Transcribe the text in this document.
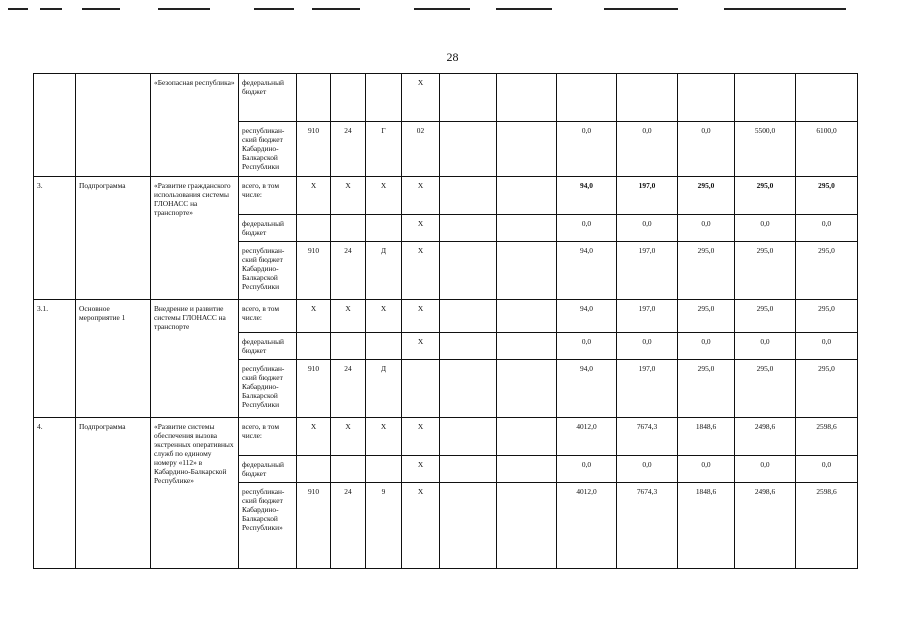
28
		«Безопасная республика»	федеральный бюджет				Х							
			республикан-ский бюджет Кабардино-Балкарской Республики	910	24	Г	02			0,0	0,0	0,0	5500,0	6100,0
3.	Подпрограмма	«Развитие гражданского использования системы ГЛОНАСС на транспорте»	всего, в том числе:	Х	Х	Х	Х			94,0	197,0	295,0	295,0	295,0
			федеральный бюджет				Х			0,0	0,0	0,0	0,0	0,0
			республикан-ский бюджет Кабардино-Балкарской Республики	910	24	Д	Х			94,0	197,0	295,0	295,0	295,0
3.1.	Основное мероприятие 1	Внедрение и развитие системы ГЛОНАСС на транспорте	всего, в том числе:	Х	Х	Х	Х			94,0	197,0	295,0	295,0	295,0
			федеральный бюджет				Х			0,0	0,0	0,0	0,0	0,0
			республикан-ский бюджет Кабардино-Балкарской Республики	910	24	Д				94,0	197,0	295,0	295,0	295,0
4.	Подпрограмма	«Развитие системы обеспечения вызова экстренных оперативных служб по единому номеру «112» в Кабардино-Балкарской Республике»	всего, в том числе:	Х	Х	Х	Х			4012,0	7674,3	1848,6	2498,6	2598,6
			федеральный бюджет				Х			0,0	0,0	0,0	0,0	0,0
			республикан-ский бюджет Кабардино-Балкарской Республики»	910	24	9	Х			4012,0	7674,3	1848,6	2498,6	2598,6
